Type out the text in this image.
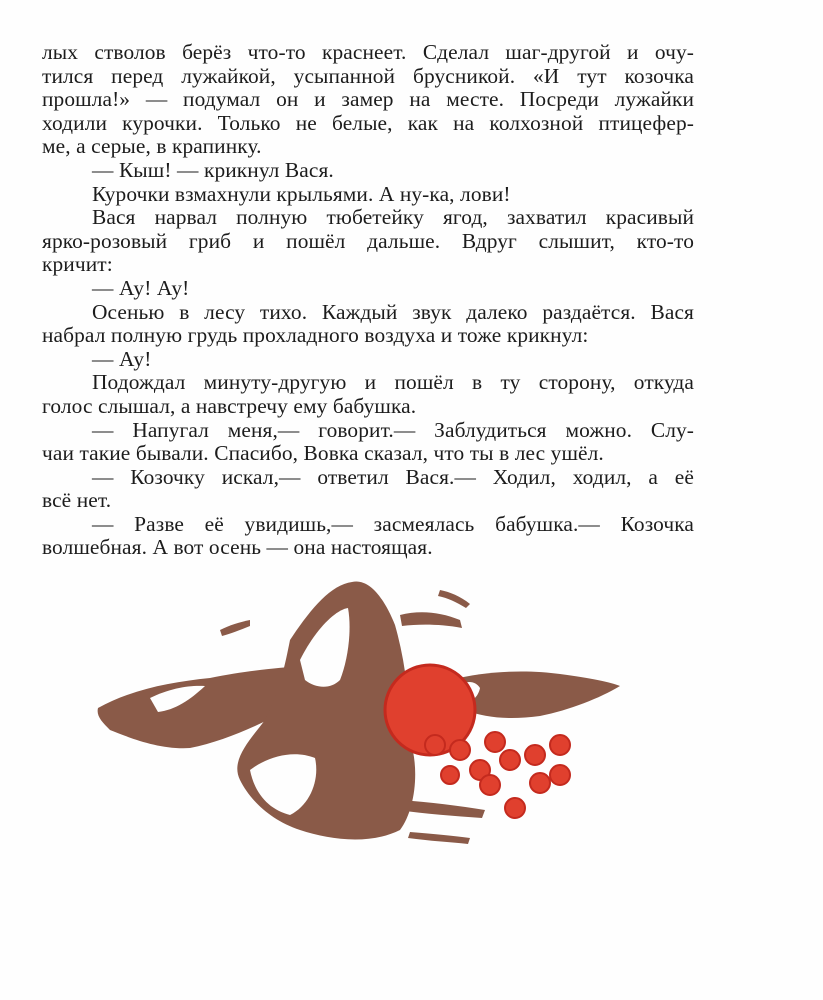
лых стволов берёз что-то краснеет. Сделал шаг-другой и очу-
тился перед лужайкой, усыпанной брусникой. «И тут козочка
прошла!» — подумал он и замер на месте. Посреди лужайки
ходили курочки. Только не белые, как на колхозной птицефер-
ме, а серые, в крапинку.
— Кыш! — крикнул Вася.
Курочки взмахнули крыльями. А ну-ка, лови!
Вася нарвал полную тюбетейку ягод, захватил красивый
ярко-розовый гриб и пошёл дальше. Вдруг слышит, кто-то
кричит:
— Ау! Ау!
Осенью в лесу тихо. Каждый звук далеко раздаётся. Вася
набрал полную грудь прохладного воздуха и тоже крикнул:
— Ау!
Подождал минуту-другую и пошёл в ту сторону, откуда
голос слышал, а навстречу ему бабушка.
— Напугал меня,— говорит.— Заблудиться можно. Слу-
чаи такие бывали. Спасибо, Вовка сказал, что ты в лес ушёл.
— Козочку искал,— ответил Вася.— Ходил, ходил, а её
всё нет.
— Разве её увидишь,— засмеялась бабушка.— Козочка
волшебная. А вот осень — она настоящая.
